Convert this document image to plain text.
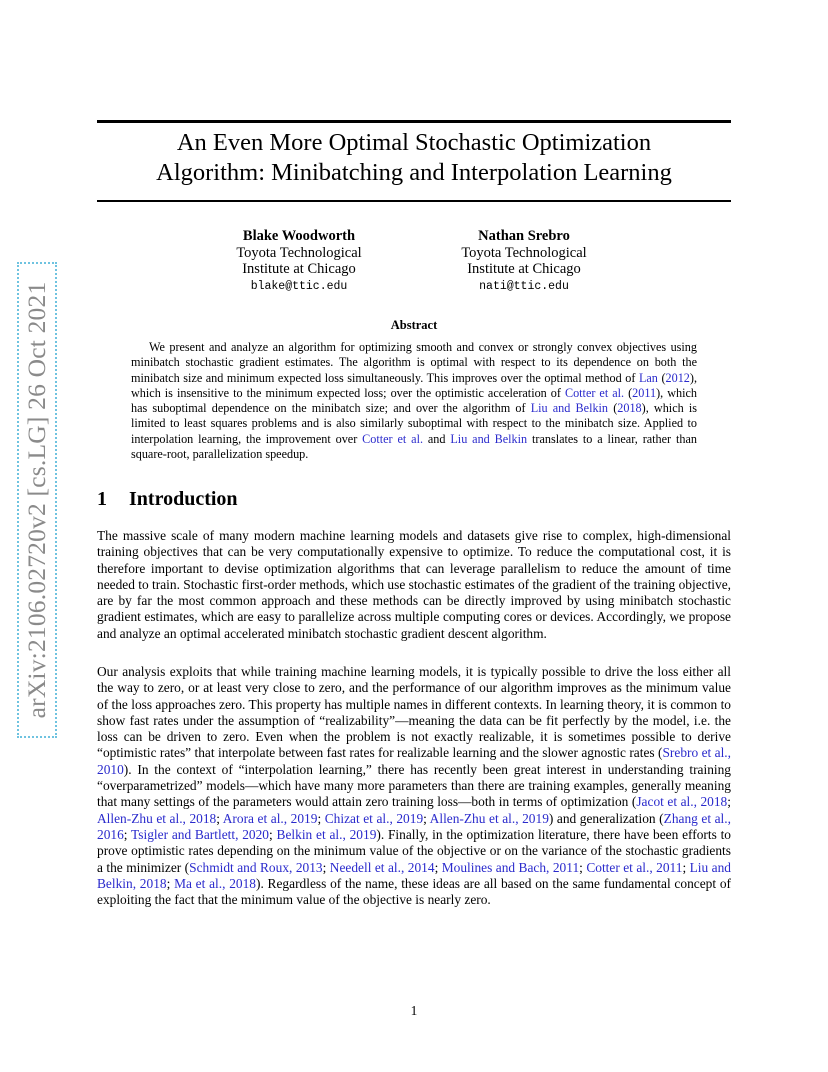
arXiv:2106.02720v2 [cs.LG] 26 Oct 2021
An Even More Optimal Stochastic Optimization
Algorithm: Minibatching and Interpolation Learning
Blake Woodworth
Toyota Technological
Institute at Chicago
blake@ttic.edu
Nathan Srebro
Toyota Technological
Institute at Chicago
nati@ttic.edu
Abstract

We present and analyze an algorithm for optimizing smooth and convex or strongly convex objectives using minibatch stochastic gradient estimates. The algorithm is optimal with respect to its dependence on both the minibatch size and minimum expected loss simultaneously. This improves over the optimal method of Lan (2012), which is insensitive to the minimum expected loss; over the optimistic acceleration of Cotter et al. (2011), which has suboptimal dependence on the minibatch size; and over the algorithm of Liu and Belkin (2018), which is limited to least squares problems and is also similarly suboptimal with respect to the minibatch size. Applied to interpolation learning, the improvement over Cotter et al. and Liu and Belkin translates to a linear, rather than square-root, parallelization speedup.

1 Introduction

The massive scale of many modern machine learning models and datasets give rise to complex, high-dimensional training objectives that can be very computationally expensive to optimize. To reduce the computational cost, it is therefore important to devise optimization algorithms that can leverage parallelism to reduce the amount of time needed to train. Stochastic first-order methods, which use stochastic estimates of the gradient of the training objective, are by far the most common approach and these methods can be directly improved by using minibatch stochastic gradient estimates, which are easy to parallelize across multiple computing cores or devices. Accordingly, we propose and analyze an optimal accelerated minibatch stochastic gradient descent algorithm.

Our analysis exploits that while training machine learning models, it is typically possible to drive the loss either all the way to zero, or at least very close to zero, and the performance of our algorithm improves as the minimum value of the loss approaches zero. This property has multiple names in different contexts. In learning theory, it is common to show fast rates under the assumption of “realizability”—meaning the data can be fit perfectly by the model, i.e. the loss can be driven to zero. Even when the problem is not exactly realizable, it is sometimes possible to derive “optimistic rates” that interpolate between fast rates for realizable learning and the slower agnostic rates (Srebro et al., 2010). In the context of “interpolation learning,” there has recently been great interest in understanding training “overparametrized” models—which have many more parameters than there are training examples, generally meaning that many settings of the parameters would attain zero training loss—both in terms of optimization (Jacot et al., 2018; Allen-Zhu et al., 2018; Arora et al., 2019; Chizat et al., 2019; Allen-Zhu et al., 2019) and generalization (Zhang et al., 2016; Tsigler and Bartlett, 2020; Belkin et al., 2019). Finally, in the optimization literature, there have been efforts to prove optimistic rates depending on the minimum value of the objective or on the variance of the stochastic gradients a the minimizer (Schmidt and Roux, 2013; Needell et al., 2014; Moulines and Bach, 2011; Cotter et al., 2011; Liu and Belkin, 2018; Ma et al., 2018). Regardless of the name, these ideas are all based on the same fundamental concept of exploiting the fact that the minimum value of the objective is nearly zero.

1
